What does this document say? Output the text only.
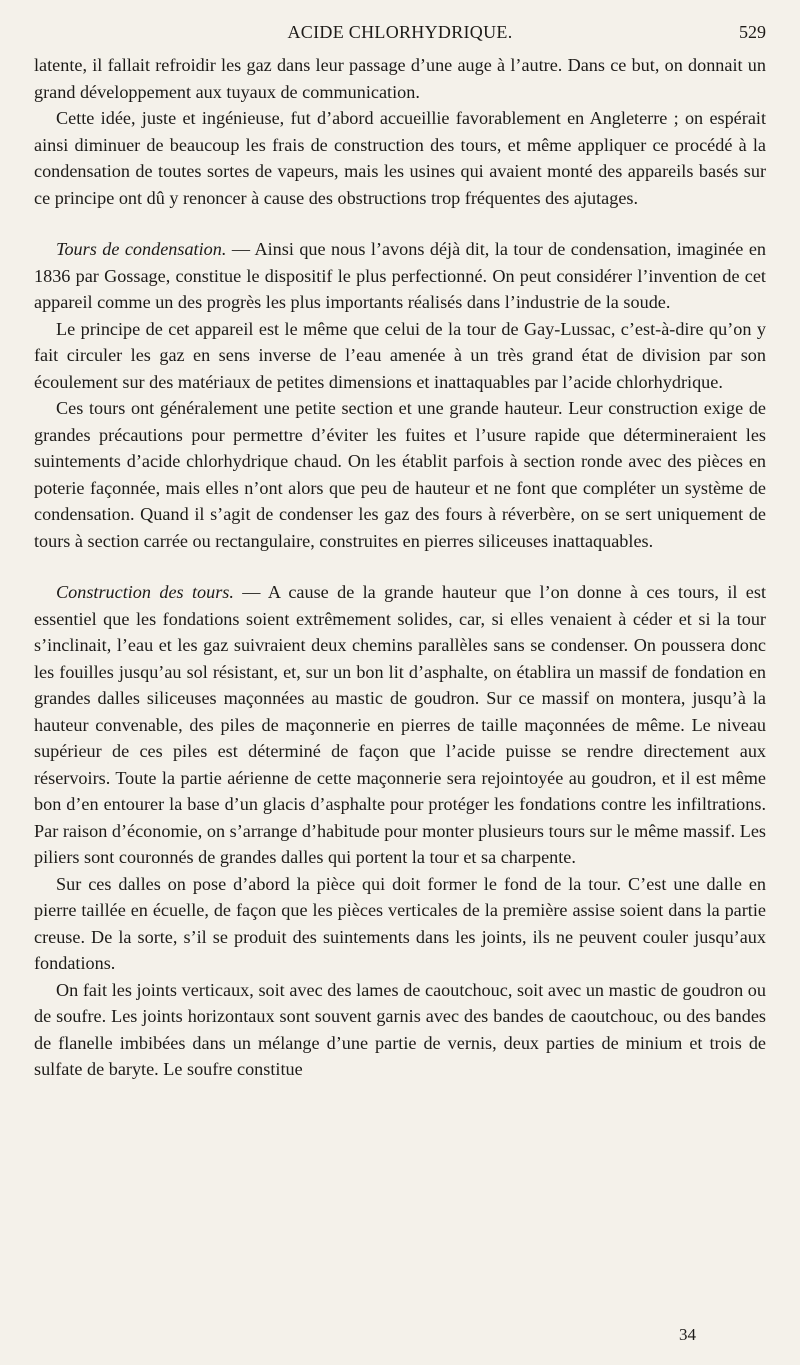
ACIDE CHLORHYDRIQUE.	529

latente, il fallait refroidir les gaz dans leur passage d’une auge à l’autre. Dans ce but, on donnait un grand développement aux tuyaux de communication.

Cette idée, juste et ingénieuse, fut d’abord accueillie favorablement en Angleterre ; on espérait ainsi diminuer de beaucoup les frais de construction des tours, et même appliquer ce procédé à la condensation de toutes sortes de vapeurs, mais les usines qui avaient monté des appareils basés sur ce principe ont dû y renoncer à cause des obstructions trop fréquentes des ajutages.

Tours de condensation. — Ainsi que nous l’avons déjà dit, la tour de condensation, imaginée en 1836 par Gossage, constitue le dispositif le plus perfectionné. On peut considérer l’invention de cet appareil comme un des progrès les plus importants réalisés dans l’industrie de la soude.

Le principe de cet appareil est le même que celui de la tour de Gay-Lussac, c’est-à-dire qu’on y fait circuler les gaz en sens inverse de l’eau amenée à un très grand état de division par son écoulement sur des matériaux de petites dimensions et inattaquables par l’acide chlorhydrique.

Ces tours ont généralement une petite section et une grande hauteur. Leur construction exige de grandes précautions pour permettre d’éviter les fuites et l’usure rapide que détermineraient les suintements d’acide chlorhydrique chaud. On les établit parfois à section ronde avec des pièces en poterie façonnée, mais elles n’ont alors que peu de hauteur et ne font que compléter un système de condensation. Quand il s’agit de condenser les gaz des fours à réverbère, on se sert uniquement de tours à section carrée ou rectangulaire, construites en pierres siliceuses inattaquables.

Construction des tours. — A cause de la grande hauteur que l’on donne à ces tours, il est essentiel que les fondations soient extrêmement solides, car, si elles venaient à céder et si la tour s’inclinait, l’eau et les gaz suivraient deux chemins parallèles sans se condenser. On poussera donc les fouilles jusqu’au sol résistant, et, sur un bon lit d’asphalte, on établira un massif de fondation en grandes dalles siliceuses maçonnées au mastic de goudron. Sur ce massif on montera, jusqu’à la hauteur convenable, des piles de maçonnerie en pierres de taille maçonnées de même. Le niveau supérieur de ces piles est déterminé de façon que l’acide puisse se rendre directement aux réservoirs. Toute la partie aérienne de cette maçonnerie sera rejointoyée au goudron, et il est même bon d’en entourer la base d’un glacis d’asphalte pour protéger les fondations contre les infiltrations. Par raison d’économie, on s’arrange d’habitude pour monter plusieurs tours sur le même massif. Les piliers sont couronnés de grandes dalles qui portent la tour et sa charpente.

Sur ces dalles on pose d’abord la pièce qui doit former le fond de la tour. C’est une dalle en pierre taillée en écuelle, de façon que les pièces verticales de la première assise soient dans la partie creuse. De la sorte, s’il se produit des suintements dans les joints, ils ne peuvent couler jusqu’aux fondations.

On fait les joints verticaux, soit avec des lames de caoutchouc, soit avec un mastic de goudron ou de soufre. Les joints horizontaux sont souvent garnis avec des bandes de caoutchouc, ou des bandes de flanelle imbibées dans un mélange d’une partie de vernis, deux parties de minium et trois de sulfate de baryte. Le soufre constitue

34
